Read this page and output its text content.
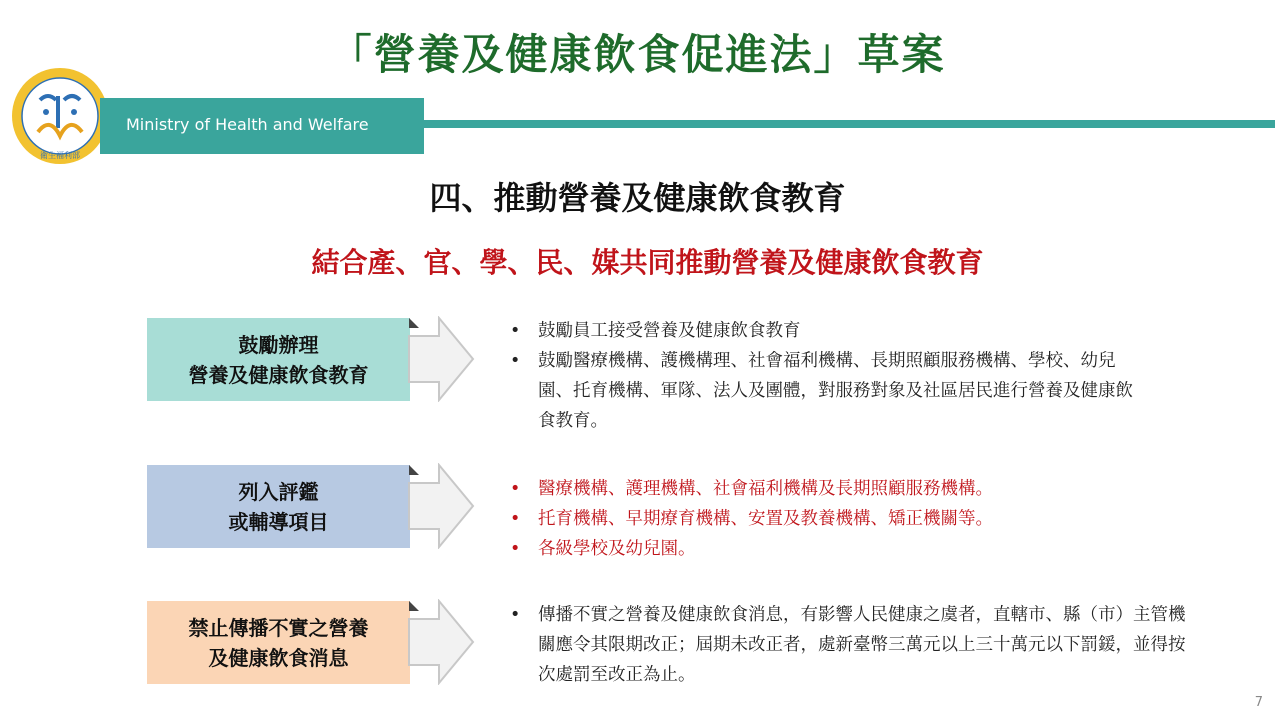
「營養及健康飲食促進法」草案
衛生福利部
Ministry of Health and Welfare
四、推動營養及健康飲食教育
結合產、官、學、民、媒共同推動營養及健康飲食教育
鼓勵辦理
營養及健康飲食教育
• 鼓勵員工接受營養及健康飲食教育
• 鼓勵醫療機構、護機構理、社會福利機構、長期照顧服務機構、學校、幼兒園、托育機構、軍隊、法人及團體，對服務對象及社區居民進行營養及健康飲食教育。
列入評鑑
或輔導項目
• 醫療機構、護理機構、社會福利機構及長期照顧服務機構。
• 托育機構、早期療育機構、安置及教養機構、矯正機關等。
• 各級學校及幼兒園。
禁止傳播不實之營養
及健康飲食消息
• 傳播不實之營養及健康飲食消息，有影響人民健康之虞者，直轄市、縣（市）主管機關應令其限期改正；屆期未改正者，處新臺幣三萬元以上三十萬元以下罰鍰，並得按次處罰至改正為止。
7
